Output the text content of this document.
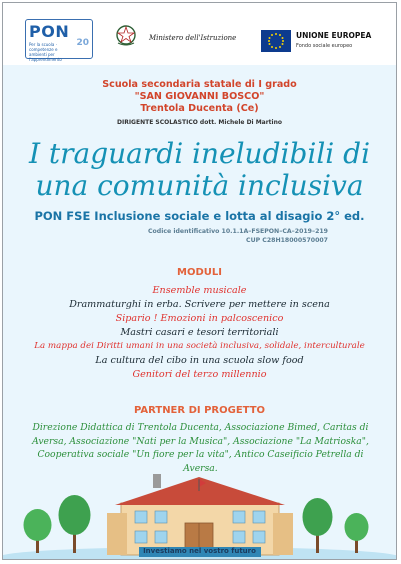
PON
Per la scuola · competenze e ambienti per l'apprendimento
20	Ministero dell'Istruzione	UNIONE EUROPEA
Fondo sociale europeo
Scuola secondaria statale di I grado
"SAN GIOVANNI BOSCO"
Trentola Ducenta (Ce)
DIRIGENTE SCOLASTICO dott. Michele Di Martino
I traguardi ineludibili di
una comunità inclusiva
PON FSE Inclusione sociale e lotta al disagio 2° ed.
Codice identificativo 10.1.1A–FSEPON–CA–2019–219
CUP C28H18000570007
MODULI
Ensemble musicale
Drammaturghi in erba. Scrivere per mettere in scena
Sipario ! Emozioni in palcoscenico
Mastri casari e tesori territoriali
La mappa dei Diritti umani in una società inclusiva, solidale, interculturale
La cultura del cibo in una scuola slow food
Genitori del terzo millennio
PARTNER DI PROGETTO
Direzione Didattica di Trentola Ducenta, Associazione Bimed, Caritas di Aversa, Associazione "Nati per la Musica", Associazione "La Matrioska", Cooperativa sociale "Un fiore per la vita", Antico Caseificio Petrella di Aversa.
Investiamo nel vostro futuro
